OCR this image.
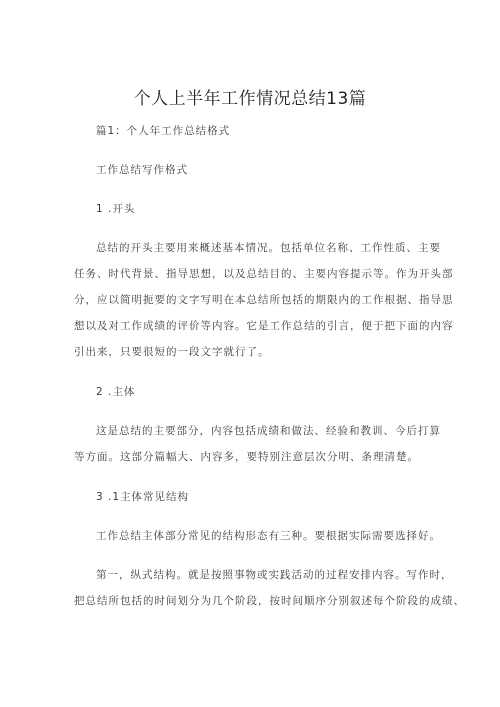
个人上半年工作情况总结13篇
篇1：个人年工作总结格式
工作总结写作格式
1 .开头
总结的开头主要用来概述基本情况。包括单位名称、工作性质、主要
任务、时代背景、指导思想，以及总结目的、主要内容提示等。作为开头部
分，应以简明扼要的文字写明在本总结所包括的期限内的工作根据、指导思
想以及对工作成绩的评价等内容。它是工作总结的引言，便于把下面的内容
引出来，只要很短的一段文字就行了。
2 .主体
这是总结的主要部分，内容包括成绩和做法、经验和教训、今后打算
等方面。这部分篇幅大、内容多，要特别注意层次分明、条理清楚。
3 .1主体常见结构
工作总结主体部分常见的结构形态有三种。要根据实际需要选择好。
第一，纵式结构。就是按照事物或实践活动的过程安排内容。写作时，
把总结所包括的时间划分为几个阶段，按时间顺序分别叙述每个阶段的成绩、
